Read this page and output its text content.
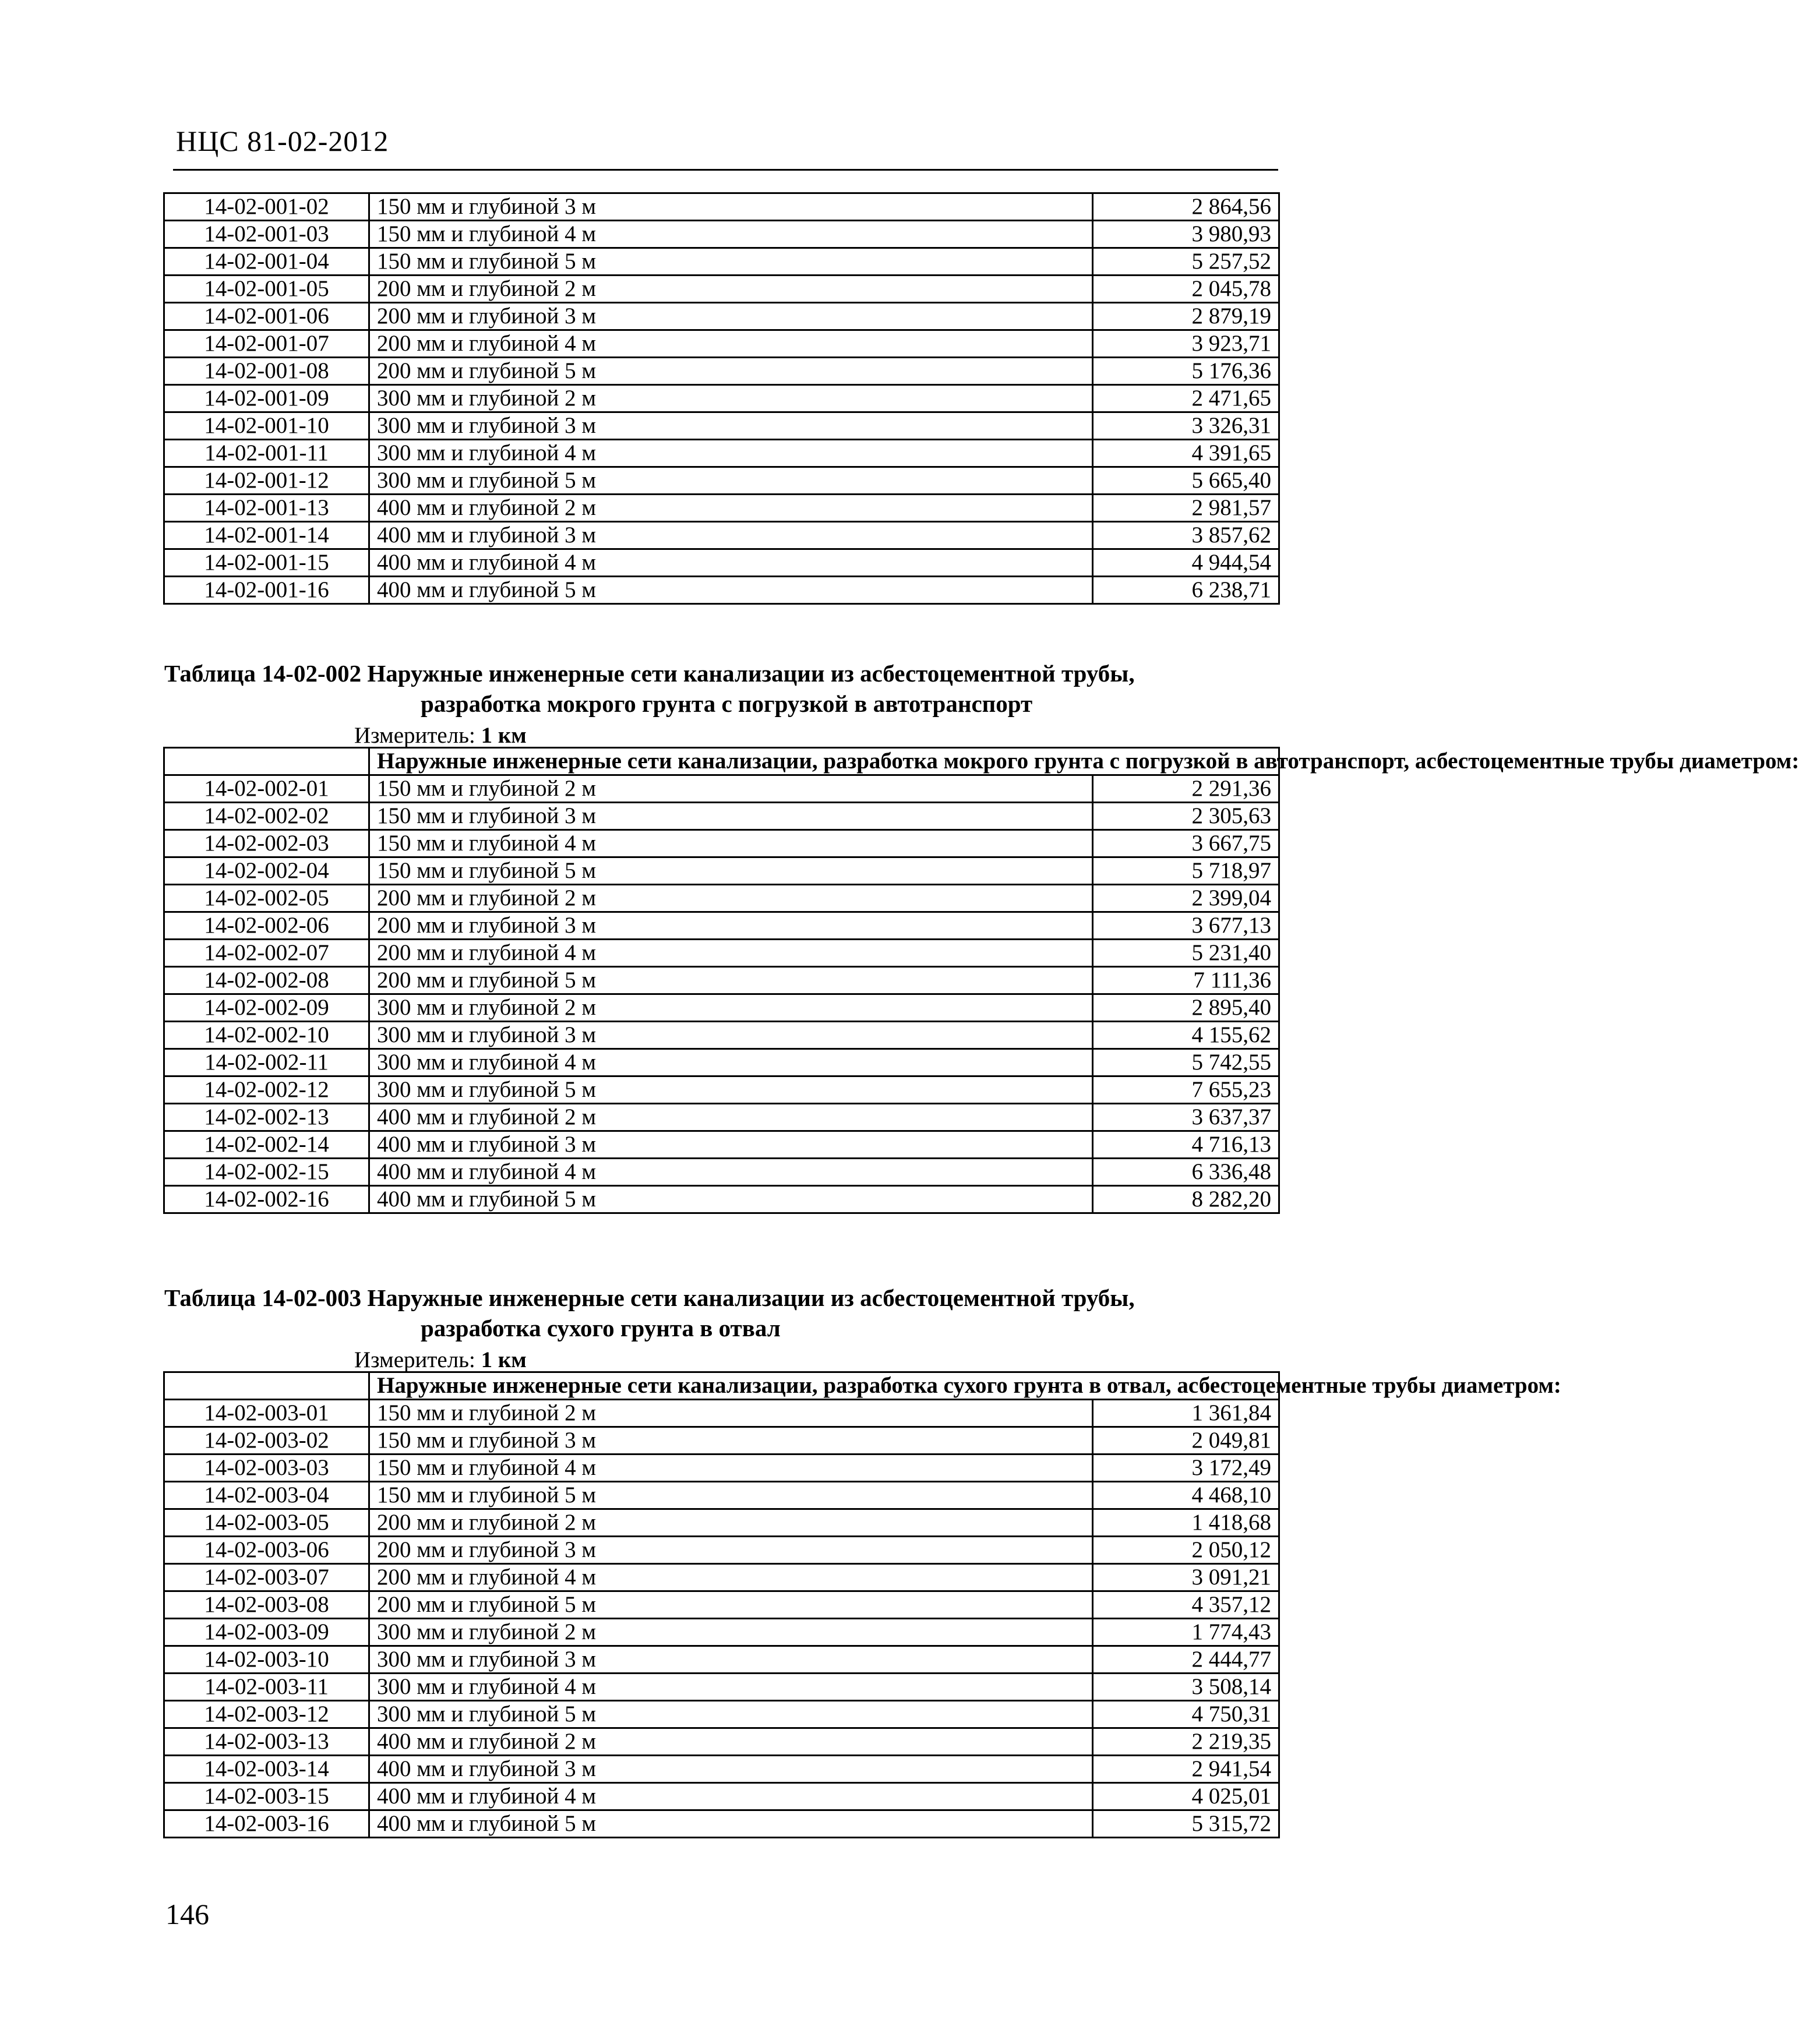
НЦС 81-02-2012
14-02-001-02	150 мм и глубиной 3 м	2 864,56
14-02-001-03	150 мм и глубиной 4 м	3 980,93
14-02-001-04	150 мм и глубиной 5 м	5 257,52
14-02-001-05	200 мм и глубиной 2 м	2 045,78
14-02-001-06	200 мм и глубиной 3 м	2 879,19
14-02-001-07	200 мм и глубиной 4 м	3 923,71
14-02-001-08	200 мм и глубиной 5 м	5 176,36
14-02-001-09	300 мм и глубиной 2 м	2 471,65
14-02-001-10	300 мм и глубиной 3 м	3 326,31
14-02-001-11	300 мм и глубиной 4 м	4 391,65
14-02-001-12	300 мм и глубиной 5 м	5 665,40
14-02-001-13	400 мм и глубиной 2 м	2 981,57
14-02-001-14	400 мм и глубиной 3 м	3 857,62
14-02-001-15	400 мм и глубиной 4 м	4 944,54
14-02-001-16	400 мм и глубиной 5 м	6 238,71
Таблица 14-02-002 Наружные инженерные сети канализации из асбестоцементной трубы,
разработка мокрого грунта с погрузкой в автотранспорт
Измеритель: 1 км
	Наружные инженерные сети канализации, разработка мокрого грунта с погрузкой в автотранспорт, асбестоцементные трубы диаметром:	
14-02-002-01	150 мм и глубиной 2 м	2 291,36
14-02-002-02	150 мм и глубиной 3 м	2 305,63
14-02-002-03	150 мм и глубиной 4 м	3 667,75
14-02-002-04	150 мм и глубиной 5 м	5 718,97
14-02-002-05	200 мм и глубиной 2 м	2 399,04
14-02-002-06	200 мм и глубиной 3 м	3 677,13
14-02-002-07	200 мм и глубиной 4 м	5 231,40
14-02-002-08	200 мм и глубиной 5 м	7 111,36
14-02-002-09	300 мм и глубиной 2 м	2 895,40
14-02-002-10	300 мм и глубиной 3 м	4 155,62
14-02-002-11	300 мм и глубиной 4 м	5 742,55
14-02-002-12	300 мм и глубиной 5 м	7 655,23
14-02-002-13	400 мм и глубиной 2 м	3 637,37
14-02-002-14	400 мм и глубиной 3 м	4 716,13
14-02-002-15	400 мм и глубиной 4 м	6 336,48
14-02-002-16	400 мм и глубиной 5 м	8 282,20
Таблица 14-02-003 Наружные инженерные сети канализации из асбестоцементной трубы,
разработка сухого грунта в отвал
Измеритель: 1 км
	Наружные инженерные сети канализации, разработка сухого грунта в отвал, асбестоцементные трубы диаметром:	
14-02-003-01	150 мм и глубиной 2 м	1 361,84
14-02-003-02	150 мм и глубиной 3 м	2 049,81
14-02-003-03	150 мм и глубиной 4 м	3 172,49
14-02-003-04	150 мм и глубиной 5 м	4 468,10
14-02-003-05	200 мм и глубиной 2 м	1 418,68
14-02-003-06	200 мм и глубиной 3 м	2 050,12
14-02-003-07	200 мм и глубиной 4 м	3 091,21
14-02-003-08	200 мм и глубиной 5 м	4 357,12
14-02-003-09	300 мм и глубиной 2 м	1 774,43
14-02-003-10	300 мм и глубиной 3 м	2 444,77
14-02-003-11	300 мм и глубиной 4 м	3 508,14
14-02-003-12	300 мм и глубиной 5 м	4 750,31
14-02-003-13	400 мм и глубиной 2 м	2 219,35
14-02-003-14	400 мм и глубиной 3 м	2 941,54
14-02-003-15	400 мм и глубиной 4 м	4 025,01
14-02-003-16	400 мм и глубиной 5 м	5 315,72
146
